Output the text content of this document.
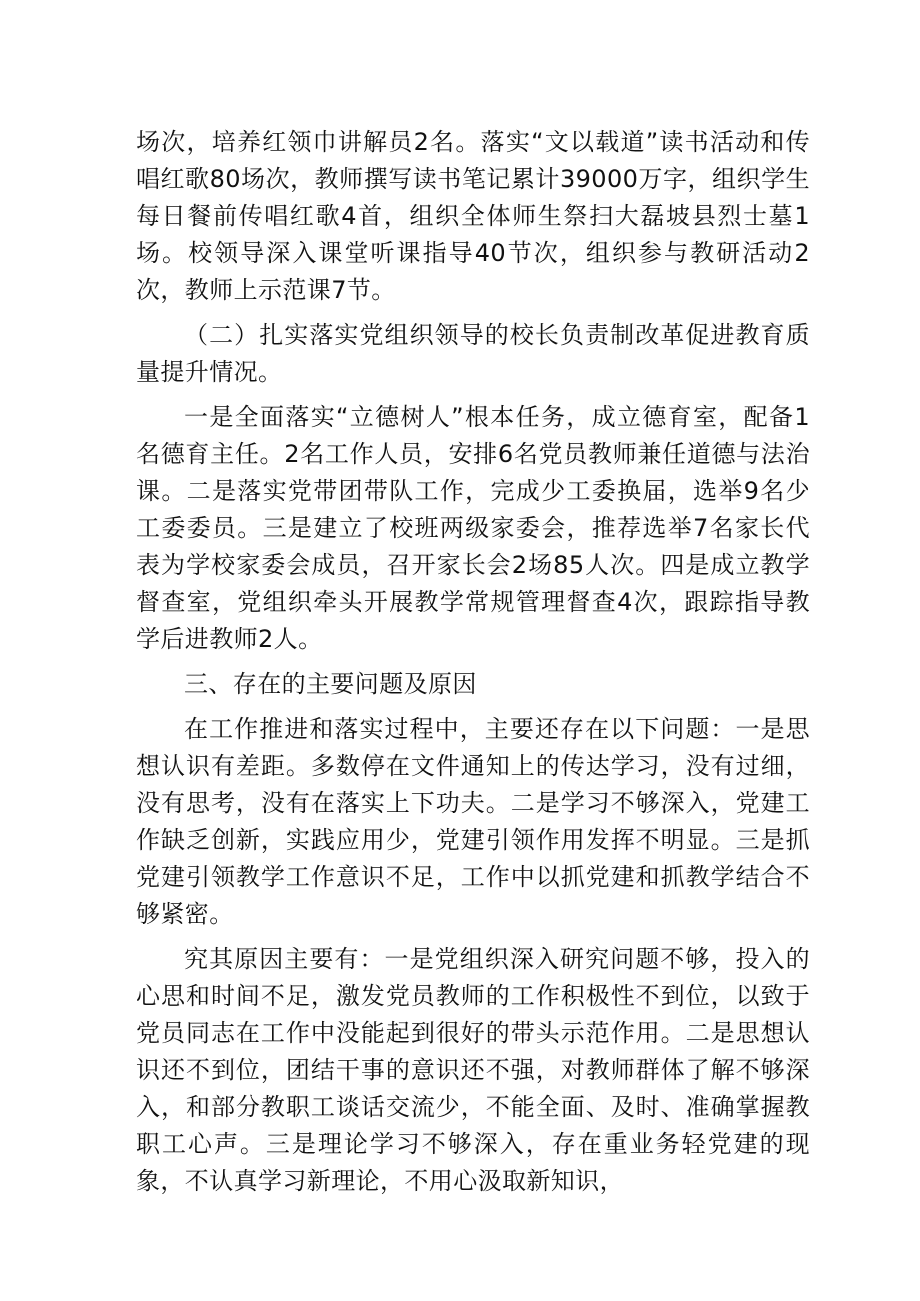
场次，培养红领巾讲解员2名。落实“文以载道”读书活动和传唱红歌80场次，教师撰写读书笔记累计39000万字，组织学生每日餐前传唱红歌4首，组织全体师生祭扫大磊坡县烈士墓1场。校领导深入课堂听课指导40节次，组织参与教研活动2次，教师上示范课7节。

（二）扎实落实党组织领导的校长负责制改革促进教育质量提升情况。

一是全面落实“立德树人”根本任务，成立德育室，配备1名德育主任。2名工作人员，安排6名党员教师兼任道德与法治课。二是落实党带团带队工作，完成少工委换届，选举9名少工委委员。三是建立了校班两级家委会，推荐选举7名家长代表为学校家委会成员，召开家长会2场85人次。四是成立教学督查室，党组织牵头开展教学常规管理督查4次，跟踪指导教学后进教师2人。

三、存在的主要问题及原因

在工作推进和落实过程中，主要还存在以下问题：一是思想认识有差距。多数停在文件通知上的传达学习，没有过细，没有思考，没有在落实上下功夫。二是学习不够深入，党建工作缺乏创新，实践应用少，党建引领作用发挥不明显。三是抓党建引领教学工作意识不足，工作中以抓党建和抓教学结合不够紧密。

究其原因主要有：一是党组织深入研究问题不够，投入的心思和时间不足，激发党员教师的工作积极性不到位，以致于党员同志在工作中没能起到很好的带头示范作用。二是思想认识还不到位，团结干事的意识还不强，对教师群体了解不够深入，和部分教职工谈话交流少，不能全面、及时、准确掌握教职工心声。三是理论学习不够深入，存在重业务轻党建的现象，不认真学习新理论，不用心汲取新知识，
